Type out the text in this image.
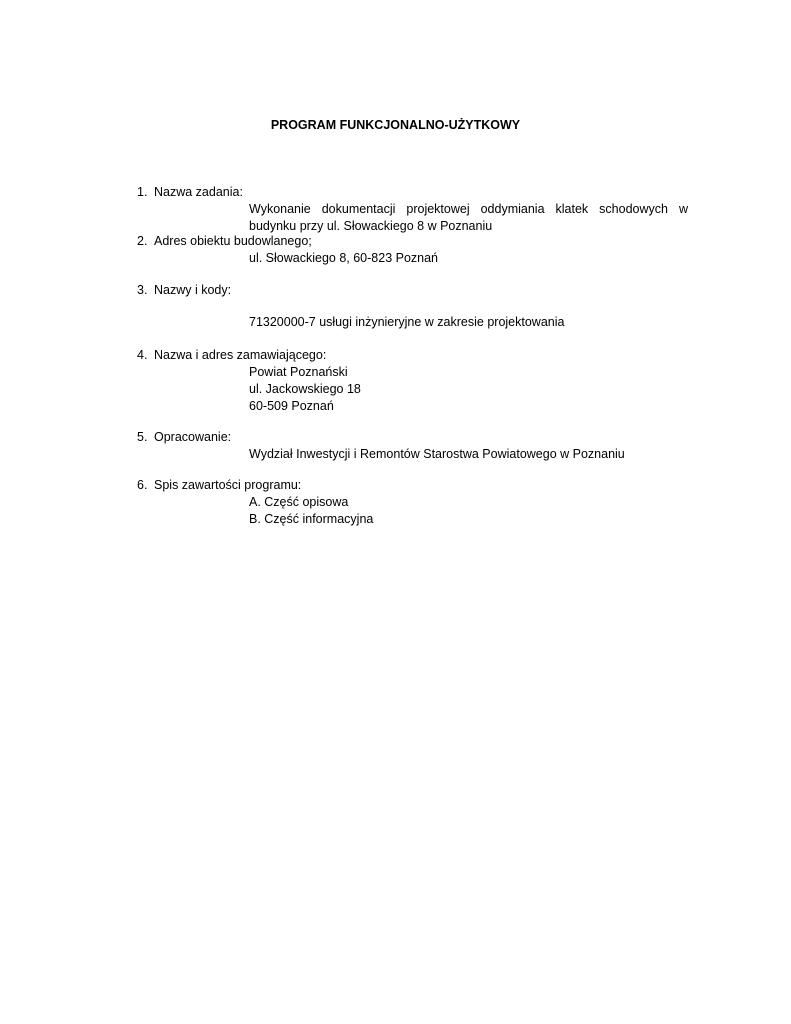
PROGRAM FUNKCJONALNO-UŻYTKOWY
1. Nazwa zadania:
Wykonanie dokumentacji projektowej oddymiania klatek schodowych w budynku przy ul. Słowackiego 8 w Poznaniu
2. Adres obiektu budowlanego;
ul. Słowackiego 8, 60-823 Poznań
3. Nazwy i kody:
71320000-7 usługi inżynieryjne w zakresie projektowania
4. Nazwa i adres zamawiającego:
Powiat Poznański
ul. Jackowskiego 18
60-509 Poznań
5. Opracowanie:
Wydział Inwestycji i Remontów Starostwa Powiatowego w Poznaniu
6. Spis zawartości programu:
A. Część opisowa
B. Część informacyjna
